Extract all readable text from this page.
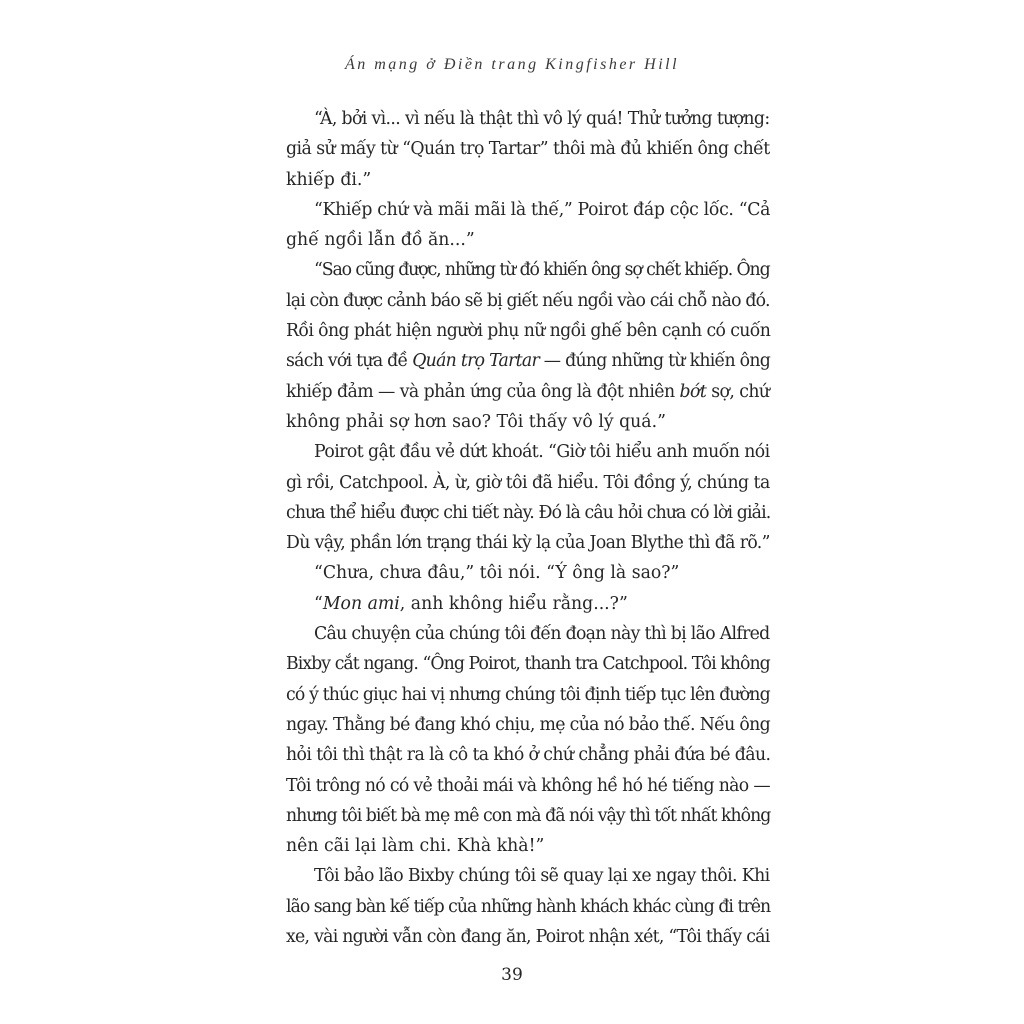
Án mạng ở Điền trang Kingfisher Hill

“À, bởi vì... vì nếu là thật thì vô lý quá! Thử tưởng tượng:
giả sử mấy từ “Quán trọ Tartar” thôi mà đủ khiến ông chết
khiếp đi.”

“Khiếp chứ và mãi mãi là thế,” Poirot đáp cộc lốc. “Cả
ghế ngồi lẫn đồ ăn...”

“Sao cũng được, những từ đó khiến ông sợ chết khiếp. Ông
lại còn được cảnh báo sẽ bị giết nếu ngồi vào cái chỗ nào đó.
Rồi ông phát hiện người phụ nữ ngồi ghế bên cạnh có cuốn
sách với tựa đề Quán trọ Tartar — đúng những từ khiến ông
khiếp đảm — và phản ứng của ông là đột nhiên bớt sợ, chứ
không phải sợ hơn sao? Tôi thấy vô lý quá.”

Poirot gật đầu vẻ dứt khoát. “Giờ tôi hiểu anh muốn nói
gì rồi, Catchpool. À, ừ, giờ tôi đã hiểu. Tôi đồng ý, chúng ta
chưa thể hiểu được chi tiết này. Đó là câu hỏi chưa có lời giải.
Dù vậy, phần lớn trạng thái kỳ lạ của Joan Blythe thì đã rõ.”

“Chưa, chưa đâu,” tôi nói. “Ý ông là sao?”

“Mon ami, anh không hiểu rằng...?”

Câu chuyện của chúng tôi đến đoạn này thì bị lão Alfred
Bixby cắt ngang. “Ông Poirot, thanh tra Catchpool. Tôi không
có ý thúc giục hai vị nhưng chúng tôi định tiếp tục lên đường
ngay. Thằng bé đang khó chịu, mẹ của nó bảo thế. Nếu ông
hỏi tôi thì thật ra là cô ta khó ở chứ chẳng phải đứa bé đâu.
Tôi trông nó có vẻ thoải mái và không hề hó hé tiếng nào —
nhưng tôi biết bà mẹ mê con mà đã nói vậy thì tốt nhất không
nên cãi lại làm chi. Khà khà!”

Tôi bảo lão Bixby chúng tôi sẽ quay lại xe ngay thôi. Khi
lão sang bàn kế tiếp của những hành khách khác cùng đi trên
xe, vài người vẫn còn đang ăn, Poirot nhận xét, “Tôi thấy cái

39
